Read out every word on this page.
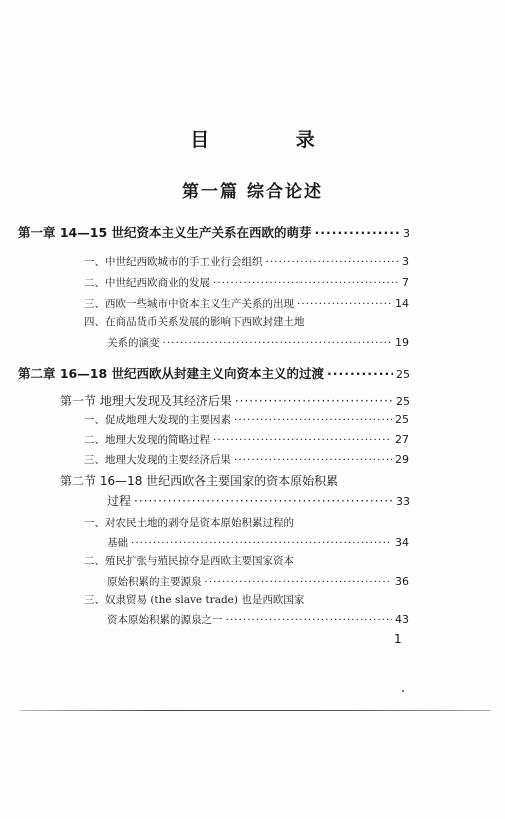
目 录
第一篇 综合论述
第一章 14—15 世纪资本主义生产关系在西欧的萌芽 ·····	3
一、中世纪西欧城市的手工业行会组织 ·····	3
二、中世纪西欧商业的发展 ·····	7
三、西欧一些城市中资本主义生产关系的出现 ·····	14
四、在商品货币关系发展的影响下西欧封建土地
关系的演变 ·····	19
第二章 16—18 世纪西欧从封建主义向资本主义的过渡 ·····	25
第一节 地理大发现及其经济后果 ·····	25
一、促成地理大发现的主要因素 ·····	25
二、地理大发现的简略过程 ·····	27
三、地理大发现的主要经济后果 ·····	29
第二节 16—18 世纪西欧各主要国家的资本原始积累
过程 ·····	33
一、对农民土地的剥夺是资本原始积累过程的
基础 ·····	34
二、殖民扩张与殖民掠夺是西欧主要国家资本
原始积累的主要源泉 ·····	36
三、奴隶贸易 (the slave trade) 也是西欧国家
资本原始积累的源泉之一 ·····	43
1
